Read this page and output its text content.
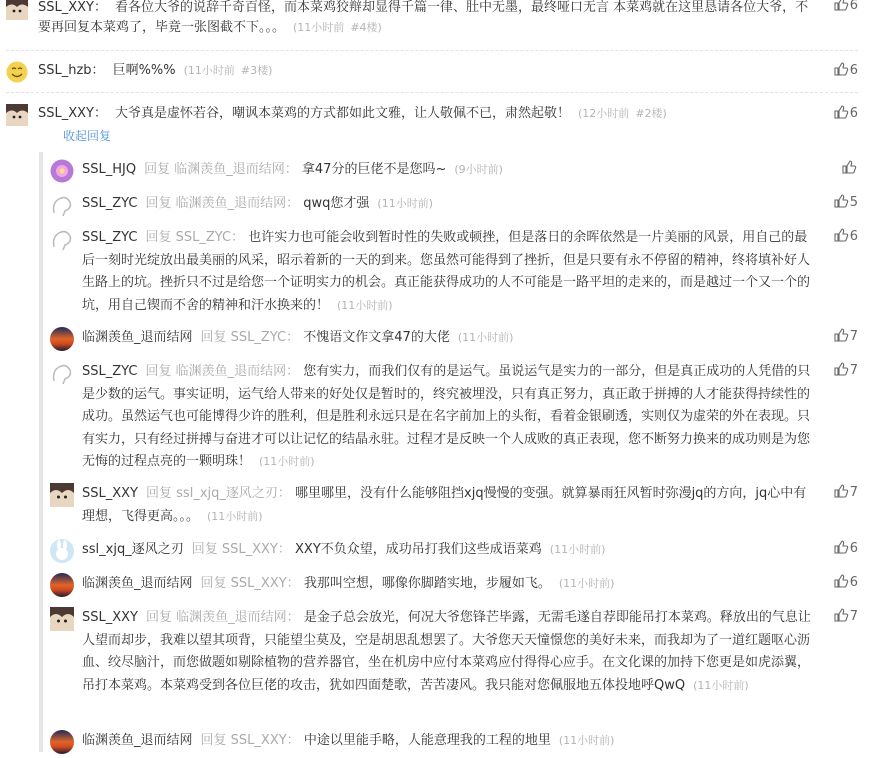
SSL_XXY： 看各位大爷的说辞千奇百怪，而本菜鸡狡辩却显得千篇一律、肚中无墨，最终哑口无言 本菜鸡就在这里恳请各位大爷，不要再回复本菜鸡了，毕竟一张图截不下。。。 (11小时前 #4楼)
6
SSL_hzb： 巨啊%%% (11小时前 #3楼)	6
SSL_XXY： 大爷真是虚怀若谷，嘲讽本菜鸡的方式都如此文雅，让人敬佩不已，肃然起敬！ (12小时前 #2楼)	6
收起回复
SSL_HJQ 回复 临渊羡鱼_退而结网： 拿47分的巨佬不是您吗~ (9小时前)
SSL_ZYC 回复 临渊羡鱼_退而结网： qwq您才强 (11小时前)	5
SSL_ZYC 回复 SSL_ZYC： 也许实力也可能会收到暂时性的失败或顿挫，但是落日的余晖依然是一片美丽的风景，用自己的最后一刻时光绽放出最美丽的风采，昭示着新的一天的到来。您虽然可能得到了挫折，但是只要有永不停留的精神，终将填补好人生路上的坑。挫折只不过是给您一个证明实力的机会。真正能获得成功的人不可能是一路平坦的走来的，而是越过一个又一个的坑，用自己锲而不舍的精神和汗水换来的！ (11小时前)
6
临渊羡鱼_退而结网 回复 SSL_ZYC： 不愧语文作文拿47的大佬 (11小时前)	7
SSL_ZYC 回复 临渊羡鱼_退而结网： 您有实力，而我们仅有的是运气。虽说运气是实力的一部分，但是真正成功的人凭借的只是少数的运气。事实证明，运气给人带来的好处仅是暂时的，终究被埋没，只有真正努力，真正敢于拼搏的人才能获得持续性的成功。虽然运气也可能博得少许的胜利，但是胜利永远只是在名字前加上的头衔，看着金银刷透，实则仅为虚荣的外在表现。只有实力，只有经过拼搏与奋进才可以让记忆的结晶永驻。过程才是反映一个人成败的真正表现，您不断努力换来的成功则是为您无悔的过程点亮的一颗明珠！ (11小时前)
7
SSL_XXY 回复 ssl_xjq_逐风之刃： 哪里哪里，没有什么能够阻挡xjq慢慢的变强。就算暴雨狂风暂时弥漫jq的方向，jq心中有理想，飞得更高。。。 (11小时前)
7
ssl_xjq_逐风之刃 回复 SSL_XXY： XXY不负众望，成功吊打我们这些成语菜鸡 (11小时前)	6
临渊羡鱼_退而结网 回复 SSL_XXY： 我那叫空想，哪像你脚踏实地，步履如飞。 (11小时前)	6
SSL_XXY 回复 临渊羡鱼_退而结网： 是金子总会放光，何况大爷您锋芒毕露，无需毛遂自荐即能吊打本菜鸡。释放出的气息让人望而却步，我难以望其项背，只能望尘莫及，空是胡思乱想罢了。大爷您天天憧憬您的美好未来，而我却为了一道红题呕心沥血、绞尽脑汁，而您做题如剔除植物的营养器官，坐在机房中应付本菜鸡应付得得心应手。在文化课的加持下您更是如虎添翼，吊打本菜鸡。本菜鸡受到各位巨佬的攻击，犹如四面楚歌，苦苦凄风。我只能对您佩服地五体投地呼QwQ (11小时前)
7
临渊羡鱼_退而结网 回复 SSL_XXY： 中途以里能手略，人能意理我的工程的地里 (11小时前)
